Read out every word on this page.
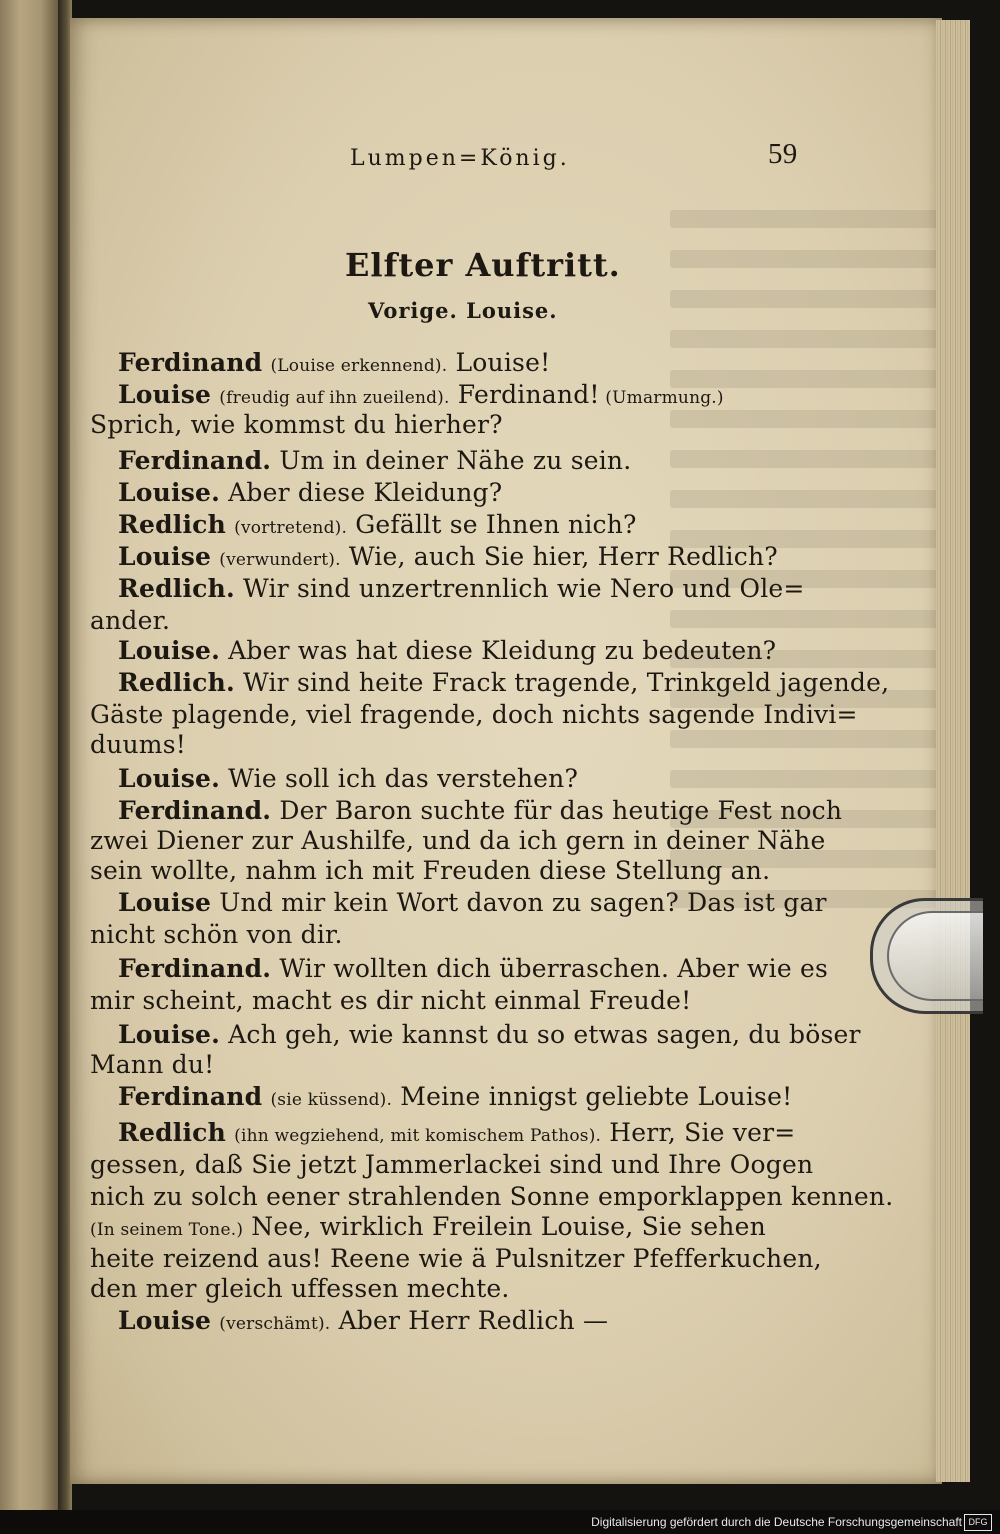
Lumpen=König.	59
Elfter Auftritt.
Vorige. Louise.
Ferdinand (Louise erkennend). Louise!
Louise (freudig auf ihn zueilend). Ferdinand! (Umarmung.)
Sprich, wie kommst du hierher?
Ferdinand. Um in deiner Nähe zu sein.
Louise. Aber diese Kleidung?
Redlich (vortretend). Gefällt se Ihnen nich?
Louise (verwundert). Wie, auch Sie hier, Herr Redlich?
Redlich. Wir sind unzertrennlich wie Nero und Ole=
ander.
Louise. Aber was hat diese Kleidung zu bedeuten?
Redlich. Wir sind heite Frack tragende, Trinkgeld jagende,
Gäste plagende, viel fragende, doch nichts sagende Indivi=
duums!
Louise. Wie soll ich das verstehen?
Ferdinand. Der Baron suchte für das heutige Fest noch
zwei Diener zur Aushilfe, und da ich gern in deiner Nähe
sein wollte, nahm ich mit Freuden diese Stellung an.
Louise Und mir kein Wort davon zu sagen? Das ist gar
nicht schön von dir.
Ferdinand. Wir wollten dich überraschen. Aber wie es
mir scheint, macht es dir nicht einmal Freude!
Louise. Ach geh, wie kannst du so etwas sagen, du böser
Mann du!
Ferdinand (sie küssend). Meine innigst geliebte Louise!
Redlich (ihn wegziehend, mit komischem Pathos). Herr, Sie ver=
gessen, daß Sie jetzt Jammerlackei sind und Ihre Oogen
nich zu solch eener strahlenden Sonne emporklappen kennen.
(In seinem Tone.) Nee, wirklich Freilein Louise, Sie sehen
heite reizend aus! Reene wie ä Pulsnitzer Pfefferkuchen,
den mer gleich uffessen mechte.
Louise (verschämt). Aber Herr Redlich —
Digitalisierung gefördert durch die Deutsche Forschungsgemeinschaft DFG
